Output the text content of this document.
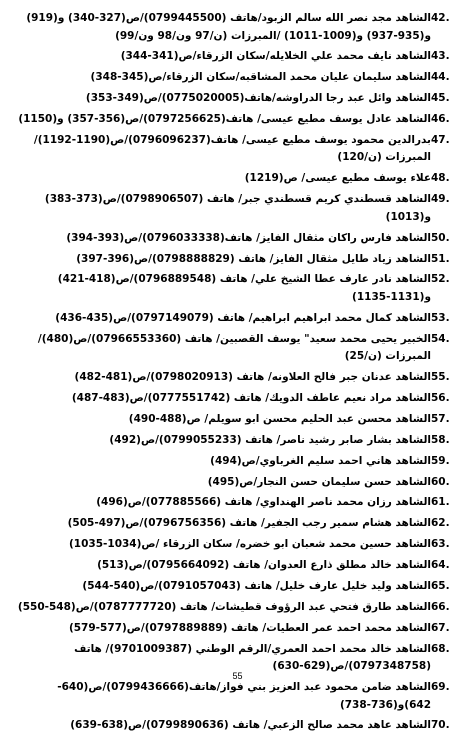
42.
الشاهد مجد نصر الله سالم الزبود/هاتف (0799445500)/ص(327-340) و(919) و(935-937) و(1009-1011) /المبرزات (ن/97 ون/98 ون/99)
43.
الشاهد نايف محمد علي الخلايله/سكان الزرقاء/ص(341-344)
44.
الشاهد سليمان عليان محمد المشاقبه/سكان الزرقاء/ص(345-348)
45.
الشاهد وائل عبد رجا الدراوشه/هاتف(0775020005)/ص(349-353)
46.
الشاهد عادل يوسف مطيع عيسى/ هاتف(0797256625)/ص(356-357) و(1150)
47.
بدرالدين محمود يوسف مطيع عيسى/ هاتف(0796096237)/ص(1190-1192)/المبرزات (ن/120)
48.
علاء يوسف مطيع عيسى/ ص(1219)
49.
الشاهد قسطندي كريم قسطندي جبر/ هاتف (0798906507)/ص(373-383) و(1013)
50.
الشاهد فارس راكان مثقال الفايز/ هاتف(0796033338)/ص(393-394)
51.
الشاهد زياد طايل مثقال الفايز/ هاتف (0798888829)/ص(396-397)
52.
الشاهد نادر عارف عطا الشيخ علي/ هاتف (0796889548)/ص(418-421) و(1131-1135)
53.
الشاهد كمال محمد ابراهيم ابراهيم/ هاتف (0797149079)/ص(435-436)
54.
الخبير يحيى محمد سعيد" يوسف القصبين/ هاتف (07966553360)/ص(480)/المبرزات (ن/25)
55.
الشاهد عدنان جبر فالح العلاونه/ هاتف (0798020913)/ص(481-482)
56.
الشاهد مراد نعيم عاطف الدويك/ هاتف (0777551742)/ص(483-487)
57.
الشاهد محسن عبد الحليم محسن ابو سويلم/ ص(488-490)
58.
الشاهد بشار صابر رشيد ناصر/ هاتف (0799055233)/ص(492)
59.
الشاهد هاني احمد سليم الغرباوي/ص(494)
60.
الشاهد حسن سليمان حسن النجار/ص(495)
61.
الشاهد رزان محمد ناصر الهنداوي/ هاتف (077885566)/ص(496)
62.
الشاهد هشام سمير رجب الجفير/ هاتف (0796756356)/ص(497-505)
63.
الشاهد حسين محمد شعبان ابو خضره/ سكان الزرقاء /ص(1034-1035)
64.
الشاهد خالد مطلق ذارع العدوان/ هاتف (0795664092)/ص(513)
65.
الشاهد وليد خليل عارف خليل/ هاتف (0791057043)/ص(540-544)
66.
الشاهد طارق فتحي عبد الرؤوف قطيشات/ هاتف (0787777720)/ص(548-550)
67.
الشاهد محمد احمد عمر العطيات/ هاتف (0797889889)/ص(577-579)
68.
الشاهد خالد محمد احمد العمري/الرقم الوطني (9701009387)/ هاتف (0797348758)/ص(629-630)
69.
الشاهد ضامن محمود عبد العزيز بني فواز/هاتف(0799436666)/ص(640-642)و(736-738)
70.
الشاهد عاهد محمد صالح الزعبي/ هاتف (0799890636)/ص(638-639)
55
